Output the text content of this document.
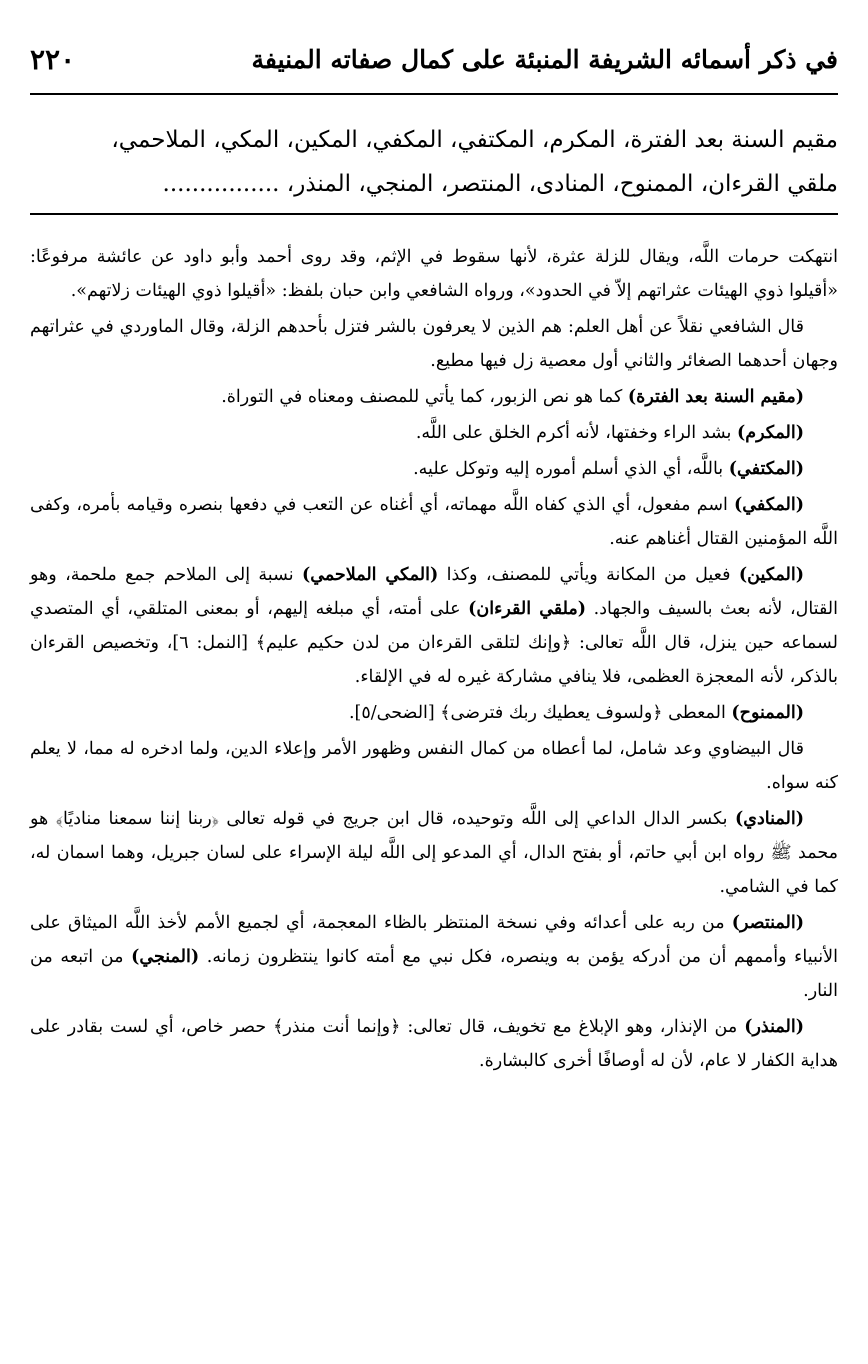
في ذكر أسمائه الشريفة المنبئة على كمال صفاته المنيفة
٢٢٠
مقيم السنة بعد الفترة، المكرم، المكتفي، المكفي، المكين، المكي، الملاحمي،
ملقي القرءان، الممنوح، المنادى، المنتصر، المنجي، المنذر، ................

انتهكت حرمات اللَّه، ويقال للزلة عثرة، لأنها سقوط في الإثم، وقد روى أحمد وأبو داود عن عائشة مرفوعًا: «أقيلوا ذوي الهيئات عثراتهم إلاّ في الحدود»، ورواه الشافعي وابن حبان بلفظ: «أقيلوا ذوي الهيئات زلاتهم».

قال الشافعي نقلاً عن أهل العلم: هم الذين لا يعرفون بالشر فتزل بأحدهم الزلة، وقال الماوردي في عثراتهم وجهان أحدهما الصغائر والثاني أول معصية زل فيها مطيع.

(مقيم السنة بعد الفترة) كما هو نص الزبور، كما يأتي للمصنف ومعناه في التوراة.

(المكرم) بشد الراء وخفتها، لأنه أكرم الخلق على اللَّه.

(المكتفي) باللَّه، أي الذي أسلم أموره إليه وتوكل عليه.

(المكفي) اسم مفعول، أي الذي كفاه اللَّه مهماته، أي أغناه عن التعب في دفعها بنصره وقيامه بأمره، وكفى اللَّه المؤمنين القتال أغناهم عنه.

(المكين) فعيل من المكانة ويأتي للمصنف، وكذا (المكي الملاحمي) نسبة إلى الملاحم جمع ملحمة، وهو القتال، لأنه بعث بالسيف والجهاد. (ملقي القرءان) على أمته، أي مبلغه إليهم، أو بمعنى المتلقي، أي المتصدي لسماعه حين ينزل، قال اللَّه تعالى: ﴿وإنك لتلقى القرءان من لدن حكيم عليم﴾ [النمل: ٦]، وتخصيص القرءان بالذكر، لأنه المعجزة العظمى، فلا ينافي مشاركة غيره له في الإلقاء.

(الممنوح) المعطى ﴿ولسوف يعطيك ربك فترضى﴾ [الضحى/٥].

قال البيضاوي وعد شامل، لما أعطاه من كمال النفس وظهور الأمر وإعلاء الدين، ولما ادخره له مما، لا يعلم كنه سواه.

(المنادي) بكسر الدال الداعي إلى اللَّه وتوحيده، قال ابن جريج في قوله تعالى ﴿ربنا إننا سمعنا مناديًا﴾ هو محمد ﷺ رواه ابن أبي حاتم، أو بفتح الدال، أي المدعو إلى اللَّه ليلة الإسراء على لسان جبريل، وهما اسمان له، كما في الشامي.

(المنتصر) من ربه على أعدائه وفي نسخة المنتظر بالظاء المعجمة، أي لجميع الأمم لأخذ اللَّه الميثاق على الأنبياء وأممهم أن من أدركه يؤمن به وينصره، فكل نبي مع أمته كانوا ينتظرون زمانه. (المنجي) من اتبعه من النار.

(المنذر) من الإنذار، وهو الإبلاغ مع تخويف، قال تعالى: ﴿وإنما أنت منذر﴾ حصر خاص، أي لست بقادر على هداية الكفار لا عام، لأن له أوصافًا أخرى كالبشارة.
